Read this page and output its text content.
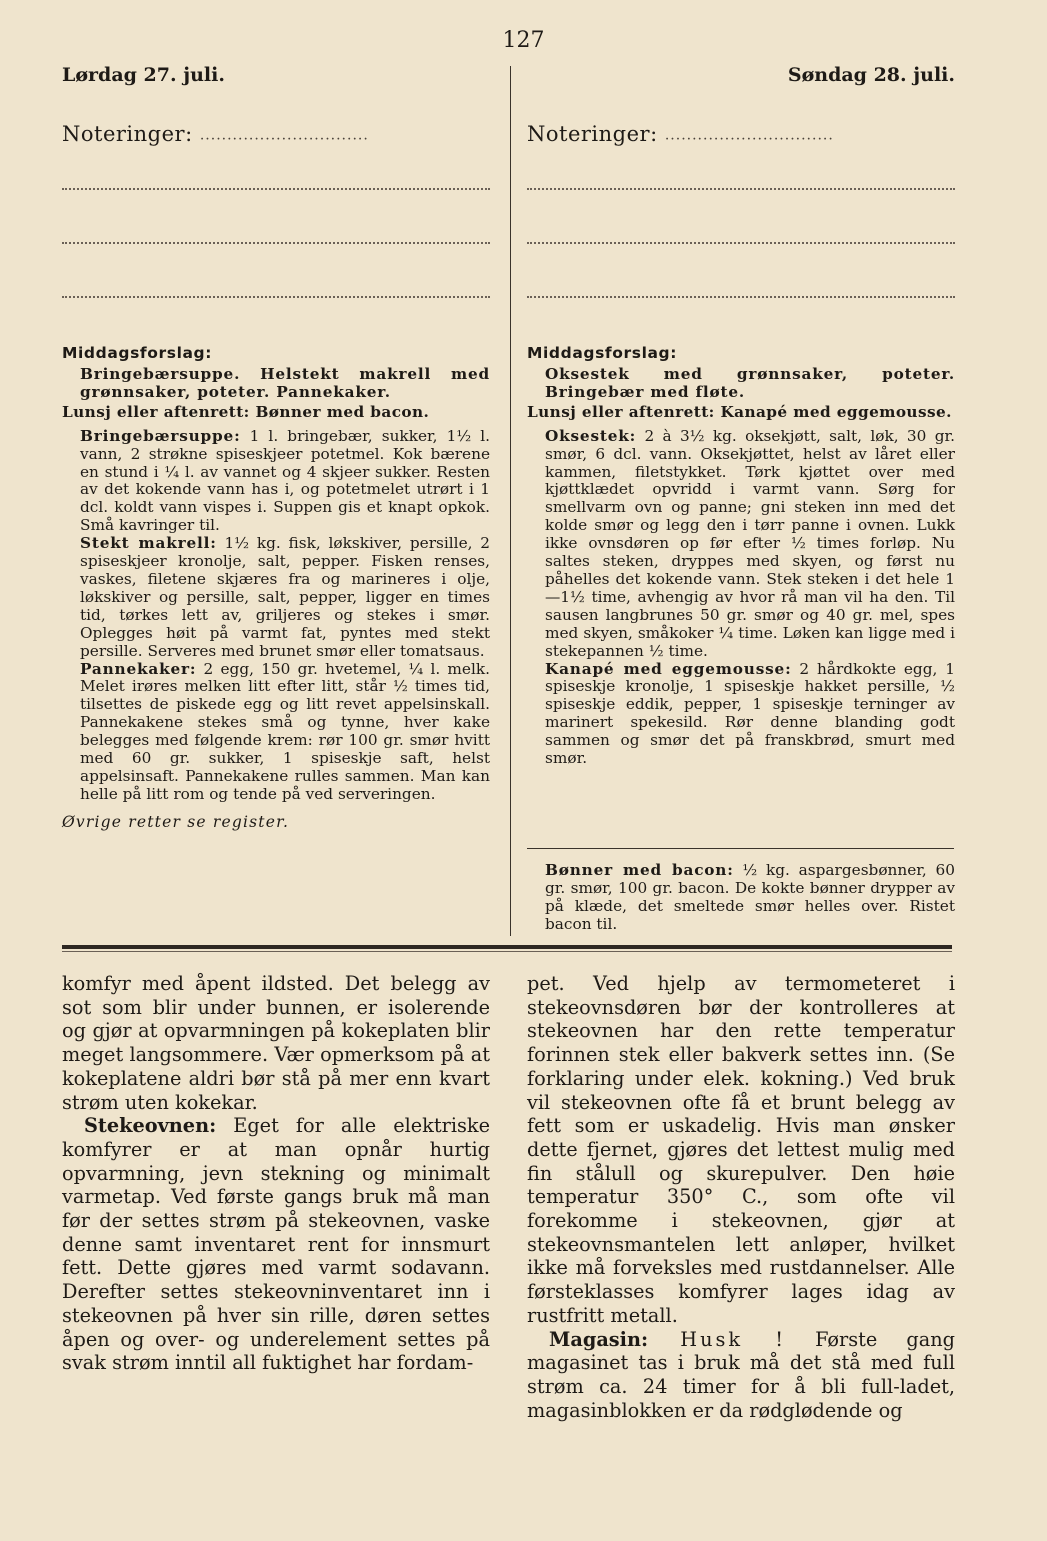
127
Lørdag 27. juli.	Søndag 28. juli.
Noteringer: ...............................	Noteringer: ...............................
Middagsforslag:

Bringebærsuppe. Helstekt makrell med grønnsaker, poteter. Pannekaker.

Lunsj eller aftenrett: Bønner med bacon.

Bringebærsuppe: 1 l. bringebær, sukker, 1½ l. vann, 2 strøkne spiseskjeer potetmel. Kok bærene en stund i ¼ l. av vannet og 4 skjeer sukker. Resten av det kokende vann has i, og potetmelet utrørt i 1 dcl. koldt vann vispes i. Suppen gis et knapt opkok. Små kavringer til.

Stekt makrell: 1½ kg. fisk, løkskiver, persille, 2 spiseskjeer kronolje, salt, pepper. Fisken renses, vaskes, filetene skjæres fra og marineres i olje, løkskiver og persille, salt, pepper, ligger en times tid, tørkes lett av, griljeres og stekes i smør. Oplegges høit på varmt fat, pyntes med stekt persille. Serveres med brunet smør eller tomatsaus.

Pannekaker: 2 egg, 150 gr. hvetemel, ¼ l. melk. Melet irøres melken litt efter litt, står ½ times tid, tilsettes de piskede egg og litt revet appelsinskall. Pannekakene stekes små og tynne, hver kake belegges med følgende krem: rør 100 gr. smør hvitt med 60 gr. sukker, 1 spiseskje saft, helst appelsinsaft. Pannekakene rulles sammen. Man kan helle på litt rom og tende på ved serveringen.

Øvrige retter se register.

Middagsforslag:

Oksestek med grønnsaker, poteter. Bringebær med fløte.

Lunsj eller aftenrett: Kanapé med eggemousse.

Oksestek: 2 à 3½ kg. oksekjøtt, salt, løk, 30 gr. smør, 6 dcl. vann. Oksekjøttet, helst av låret eller kammen, filetstykket. Tørk kjøttet over med kjøttklædet opvridd i varmt vann. Sørg for smellvarm ovn og panne; gni steken inn med det kolde smør og legg den i tørr panne i ovnen. Lukk ikke ovnsdøren op før efter ½ times forløp. Nu saltes steken, dryppes med skyen, og først nu påhelles det kokende vann. Stek steken i det hele 1—1½ time, avhengig av hvor rå man vil ha den. Til sausen langbrunes 50 gr. smør og 40 gr. mel, spes med skyen, småkoker ¼ time. Løken kan ligge med i stekepannen ½ time.

Kanapé med eggemousse: 2 hårdkokte egg, 1 spiseskje kronolje, 1 spiseskje hakket persille, ½ spiseskje eddik, pepper, 1 spiseskje terninger av marinert spekesild. Rør denne blanding godt sammen og smør det på franskbrød, smurt med smør.

Bønner med bacon: ½ kg. aspargesbønner, 60 gr. smør, 100 gr. bacon. De kokte bønner drypper av på klæde, det smeltede smør helles over. Ristet bacon til.

komfyr med åpent ildsted. Det belegg av sot som blir under bunnen, er isolerende og gjør at opvarmningen på kokeplaten blir meget langsommere. Vær opmerksom på at kokeplatene aldri bør stå på mer enn kvart strøm uten kokekar.

Stekeovnen: Eget for alle elektriske komfyrer er at man opnår hurtig opvarmning, jevn stekning og minimalt varmetap. Ved første gangs bruk må man før der settes strøm på stekeovnen, vaske denne samt inventaret rent for innsmurt fett. Dette gjøres med varmt sodavann. Derefter settes stekeovninventaret inn i stekeovnen på hver sin rille, døren settes åpen og over- og underelement settes på svak strøm inntil all fuktighet har fordam-

pet. Ved hjelp av termometeret i stekeovnsdøren bør der kontrolleres at stekeovnen har den rette temperatur forinnen stek eller bakverk settes inn. (Se forklaring under elek. kokning.) Ved bruk vil stekeovnen ofte få et brunt belegg av fett som er uskadelig. Hvis man ønsker dette fjernet, gjøres det lettest mulig med fin stålull og skurepulver. Den høie temperatur 350° C., som ofte vil forekomme i stekeovnen, gjør at stekeovnsmantelen lett anløper, hvilket ikke må forveksles med rustdannelser. Alle førsteklasses komfyrer lages idag av rustfritt metall.

Magasin: Husk ! Første gang magasinet tas i bruk må det stå med full strøm ca. 24 timer for å bli full-ladet, magasinblokken er da rødglødende og
